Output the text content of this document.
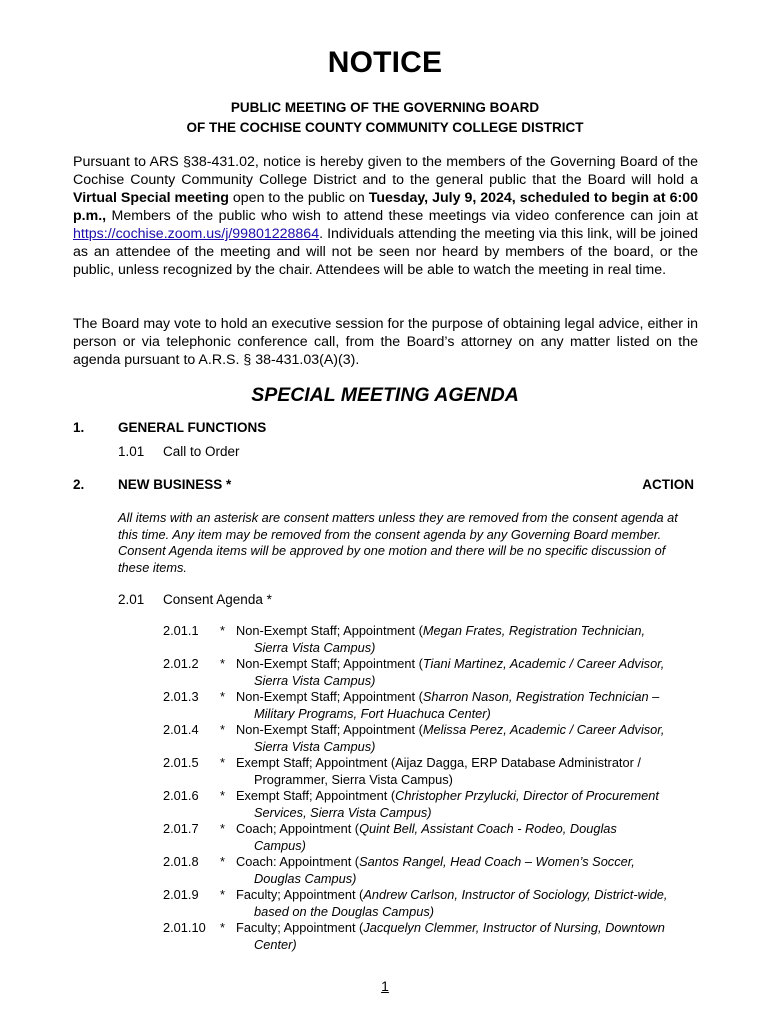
NOTICE
PUBLIC MEETING OF THE GOVERNING BOARD
OF THE COCHISE COUNTY COMMUNITY COLLEGE DISTRICT
Pursuant to ARS §38-431.02, notice is hereby given to the members of the Governing Board of the Cochise County Community College District and to the general public that the Board will hold a Virtual Special meeting open to the public on Tuesday, July 9, 2024, scheduled to begin at 6:00 p.m., Members of the public who wish to attend these meetings via video conference can join at https://cochise.zoom.us/j/99801228864. Individuals attending the meeting via this link, will be joined as an attendee of the meeting and will not be seen nor heard by members of the board, or the public, unless recognized by the chair. Attendees will be able to watch the meeting in real time.
The Board may vote to hold an executive session for the purpose of obtaining legal advice, either in person or via telephonic conference call, from the Board’s attorney on any matter listed on the agenda pursuant to A.R.S. § 38-431.03(A)(3).
SPECIAL MEETING AGENDA
1. GENERAL FUNCTIONS
1.01 Call to Order
2. NEW BUSINESS *	ACTION
All items with an asterisk are consent matters unless they are removed from the consent agenda at this time. Any item may be removed from the consent agenda by any Governing Board member. Consent Agenda items will be approved by one motion and there will be no specific discussion of these items.
2.01 Consent Agenda *
2.01.1 * Non-Exempt Staff; Appointment (Megan Frates, Registration Technician,
Sierra Vista Campus)
2.01.2 * Non-Exempt Staff; Appointment (Tiani Martinez, Academic / Career Advisor,
Sierra Vista Campus)
2.01.3 * Non-Exempt Staff; Appointment (Sharron Nason, Registration Technician –
Military Programs, Fort Huachuca Center)
2.01.4 * Non-Exempt Staff; Appointment (Melissa Perez, Academic / Career Advisor,
Sierra Vista Campus)
2.01.5 * Exempt Staff; Appointment (Aijaz Dagga, ERP Database Administrator /
Programmer, Sierra Vista Campus)
2.01.6 * Exempt Staff; Appointment (Christopher Przylucki, Director of Procurement
Services, Sierra Vista Campus)
2.01.7 * Coach; Appointment (Quint Bell, Assistant Coach - Rodeo, Douglas
Campus)
2.01.8 * Coach: Appointment (Santos Rangel, Head Coach – Women’s Soccer,
Douglas Campus)
2.01.9 * Faculty; Appointment (Andrew Carlson, Instructor of Sociology, District-wide,
based on the Douglas Campus)
2.01.10 * Faculty; Appointment (Jacquelyn Clemmer, Instructor of Nursing, Downtown
Center)
1
